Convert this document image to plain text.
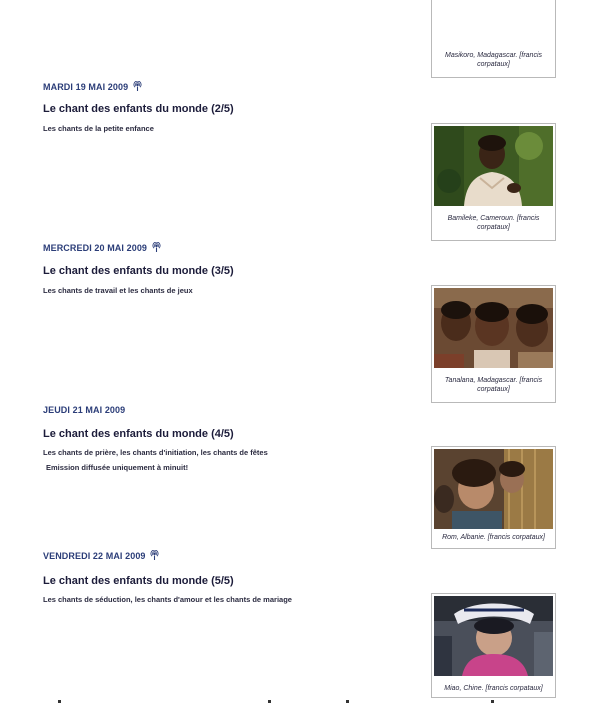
Masikoro, Madagascar. [francis corpataux]
MARDI 19 MAI 2009
Le chant des enfants du monde (2/5)
Les chants de la petite enfance
Bamileke, Cameroun. [francis corpataux]
MERCREDI 20 MAI 2009
Le chant des enfants du monde (3/5)
Les chants de travail et les chants de jeux
Tanalana, Madagascar. [francis corpataux]
JEUDI 21 MAI 2009
Le chant des enfants du monde (4/5)
Les chants de prière, les chants d'initiation, les chants de fêtes
Emission diffusée uniquement à minuit!
Rom, Albanie. [francis corpataux]
VENDREDI 22 MAI 2009
Le chant des enfants du monde (5/5)
Les chants de séduction, les chants d'amour et les chants de mariage
Miao, Chine. [francis corpataux]
